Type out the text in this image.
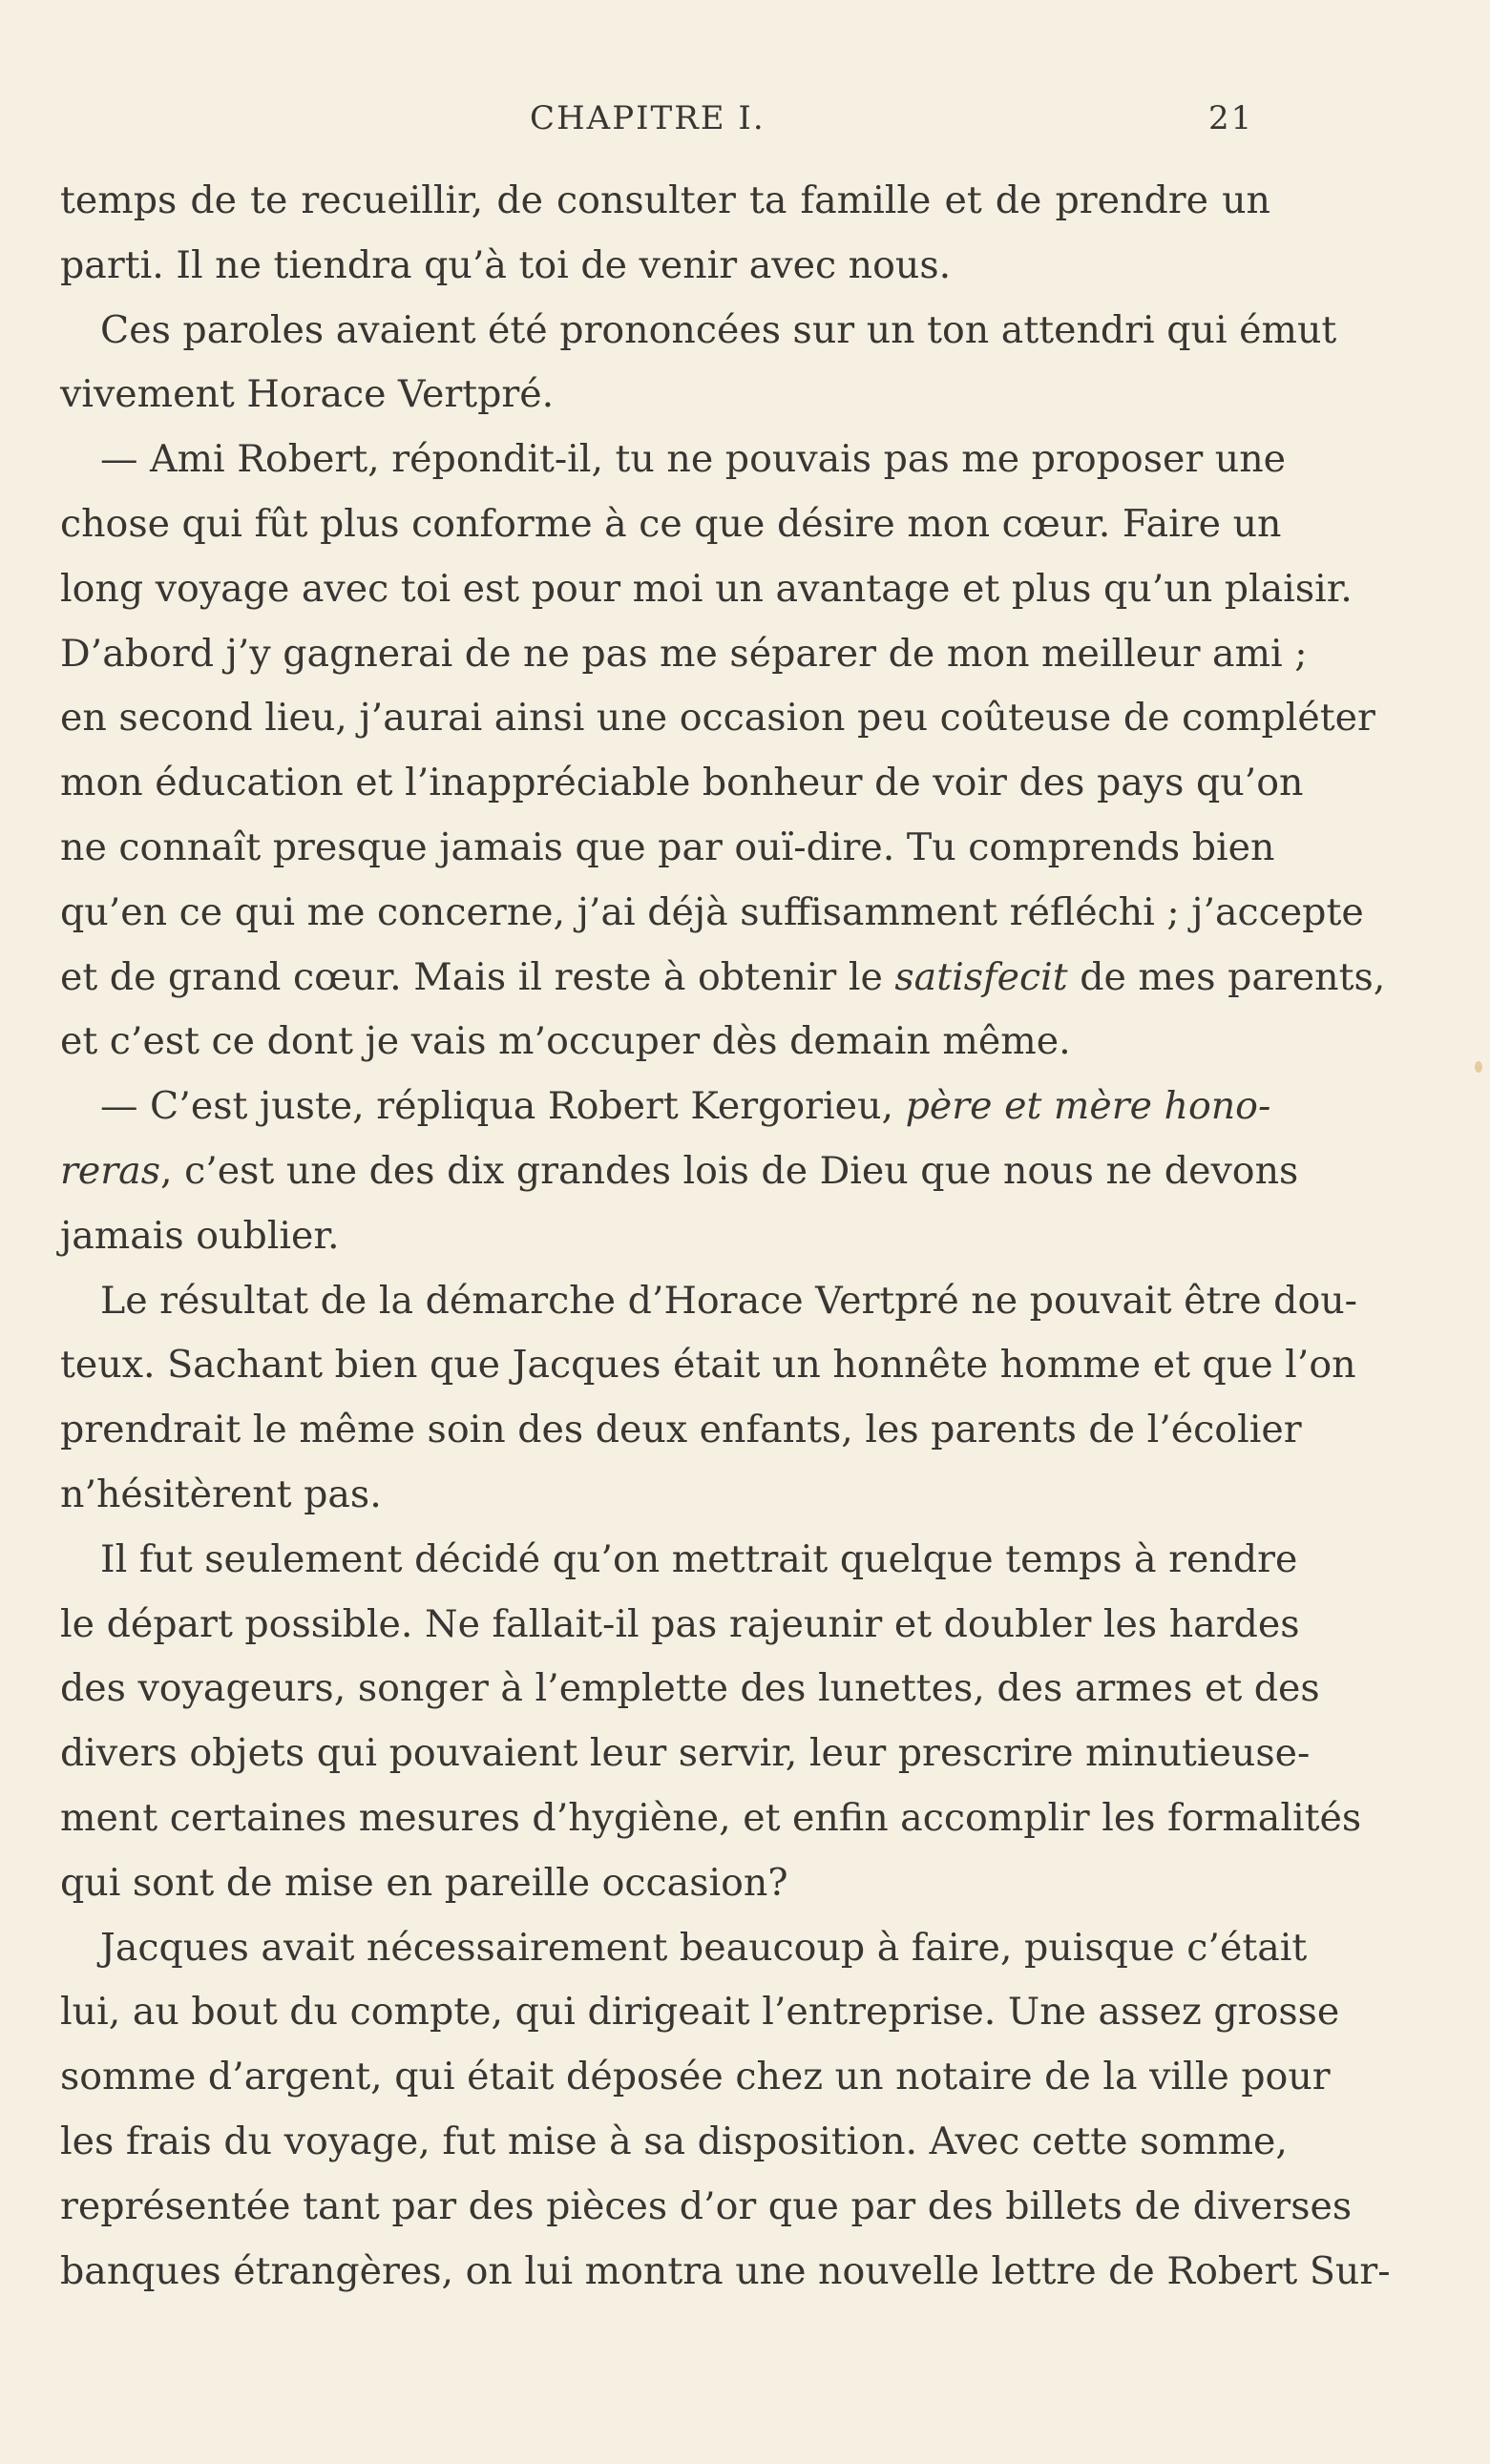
CHAPITRE I.	21
temps de te recueillir, de consulter ta famille et de prendre un
parti. Il ne tiendra qu’à toi de venir avec nous.
Ces paroles avaient été prononcées sur un ton attendri qui émut
vivement Horace Vertpré.
— Ami Robert, répondit-il, tu ne pouvais pas me proposer une
chose qui fût plus conforme à ce que désire mon cœur. Faire un
long voyage avec toi est pour moi un avantage et plus qu’un plaisir.
D’abord j’y gagnerai de ne pas me séparer de mon meilleur ami ;
en second lieu, j’aurai ainsi une occasion peu coûteuse de compléter
mon éducation et l’inappréciable bonheur de voir des pays qu’on
ne connaît presque jamais que par ouï-dire. Tu comprends bien
qu’en ce qui me concerne, j’ai déjà suffisamment réfléchi ; j’accepte
et de grand cœur. Mais il reste à obtenir le satisfecit de mes parents,
et c’est ce dont je vais m’occuper dès demain même.
— C’est juste, répliqua Robert Kergorieu, père et mère hono-
reras, c’est une des dix grandes lois de Dieu que nous ne devons
jamais oublier.
Le résultat de la démarche d’Horace Vertpré ne pouvait être dou-
teux. Sachant bien que Jacques était un honnête homme et que l’on
prendrait le même soin des deux enfants, les parents de l’écolier
n’hésitèrent pas.
Il fut seulement décidé qu’on mettrait quelque temps à rendre
le départ possible. Ne fallait-il pas rajeunir et doubler les hardes
des voyageurs, songer à l’emplette des lunettes, des armes et des
divers objets qui pouvaient leur servir, leur prescrire minutieuse-
ment certaines mesures d’hygiène, et enfin accomplir les formalités
qui sont de mise en pareille occasion?
Jacques avait nécessairement beaucoup à faire, puisque c’était
lui, au bout du compte, qui dirigeait l’entreprise. Une assez grosse
somme d’argent, qui était déposée chez un notaire de la ville pour
les frais du voyage, fut mise à sa disposition. Avec cette somme,
représentée tant par des pièces d’or que par des billets de diverses
banques étrangères, on lui montra une nouvelle lettre de Robert Sur-
